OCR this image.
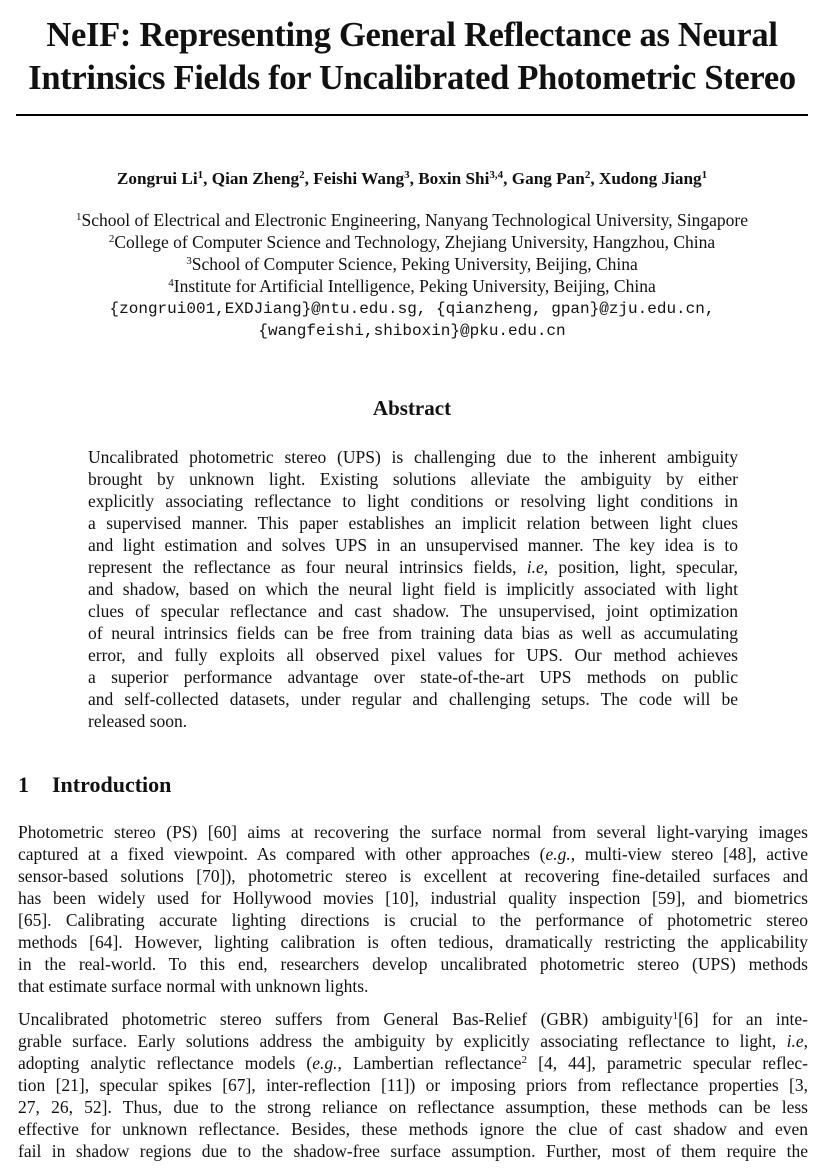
NeIF: Representing General Reflectance as Neural
Intrinsics Fields for Uncalibrated Photometric Stereo
Zongrui Li$^1$, Qian Zheng$^2$, Feishi Wang$^3$, Boxin Shi$^{3,4}$, Gang Pan$^2$, Xudong Jiang$^1$
$^1$School of Electrical and Electronic Engineering, Nanyang Technological University, Singapore
$^2$College of Computer Science and Technology, Zhejiang University, Hangzhou, China
$^3$School of Computer Science, Peking University, Beijing, China
$^4$Institute for Artificial Intelligence, Peking University, Beijing, China
{zongrui001,EXDJiang}@ntu.edu.sg, {qianzheng, gpan}@zju.edu.cn,
{wangfeishi,shiboxin}@pku.edu.cn
Abstract
Uncalibrated photometric stereo (UPS) is challenging due to the inherent ambiguity
brought by unknown light. Existing solutions alleviate the ambiguity by either
explicitly associating reflectance to light conditions or resolving light conditions in
a supervised manner. This paper establishes an implicit relation between light clues
and light estimation and solves UPS in an unsupervised manner. The key idea is to
represent the reflectance as four neural intrinsics fields, i.e, position, light, specular,
and shadow, based on which the neural light field is implicitly associated with light
clues of specular reflectance and cast shadow. The unsupervised, joint optimization
of neural intrinsics fields can be free from training data bias as well as accumulating
error, and fully exploits all observed pixel values for UPS. Our method achieves
a superior performance advantage over state-of-the-art UPS methods on public
and self-collected datasets, under regular and challenging setups. The code will be
released soon.
1 Introduction
Photometric stereo (PS) [60] aims at recovering the surface normal from several light-varying images
captured at a fixed viewpoint. As compared with other approaches (e.g., multi-view stereo [48], active
sensor-based solutions [70]), photometric stereo is excellent at recovering fine-detailed surfaces and
has been widely used for Hollywood movies [10], industrial quality inspection [59], and biometrics
[65]. Calibrating accurate lighting directions is crucial to the performance of photometric stereo
methods [64]. However, lighting calibration is often tedious, dramatically restricting the applicability
in the real-world. To this end, researchers develop uncalibrated photometric stereo (UPS) methods
that estimate surface normal with unknown lights.
Uncalibrated photometric stereo suffers from General Bas-Relief (GBR) ambiguity$^1$[6] for an inte-
grable surface. Early solutions address the ambiguity by explicitly associating reflectance to light, i.e,
adopting analytic reflectance models (e.g., Lambertian reflectance$^2$ [4, 44], parametric specular reflec-
tion [21], specular spikes [67], inter-reflection [11]) or imposing priors from reflectance properties [3,
27, 26, 52]. Thus, due to the strong reliance on reflectance assumption, these methods can be less
effective for unknown reflectance. Besides, these methods ignore the clue of cast shadow and even
fail in shadow regions due to the shadow-free surface assumption. Further, most of them require the
